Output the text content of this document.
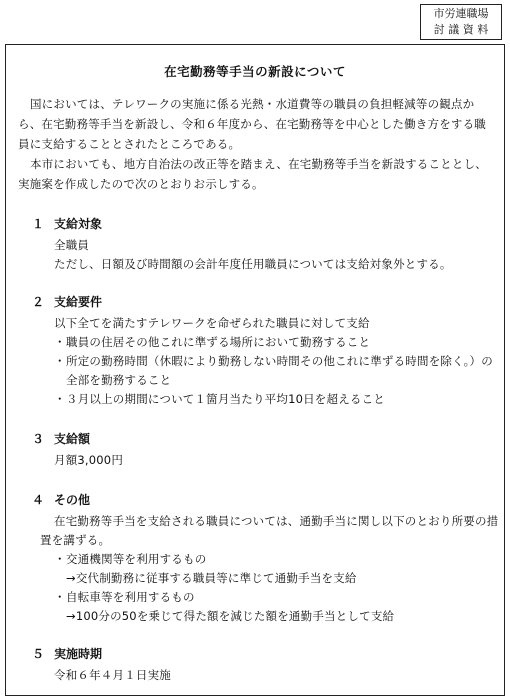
市労連職場
討 議 資 料
在宅勤務等手当の新設について

国においては、テレワークの実施に係る光熱・水道費等の職員の負担軽減等の観点から、在宅勤務等手当を新設し、令和６年度から、在宅勤務等を中心とした働き方をする職員に支給することとされたところである。

本市においても、地方自治法の改正等を踏まえ、在宅勤務等手当を新設することとし、実施案を作成したので次のとおりお示しする。

１ 支給対象

全職員

ただし、日額及び時間額の会計年度任用職員については支給対象外とする。

２ 支給要件

以下全てを満たすテレワークを命ぜられた職員に対して支給

・職員の住居その他これに準ずる場所において勤務すること

・所定の勤務時間（休暇により勤務しない時間その他これに準ずる時間を除く。）の

全部を勤務すること

・３月以上の期間について１箇月当たり平均10日を超えること

３ 支給額

月額3,000円

４ その他

在宅勤務等手当を支給される職員については、通勤手当に関し以下のとおり所要の措

置を講ずる。

・交通機関等を利用するもの

→交代制勤務に従事する職員等に準じて通勤手当を支給

・自転車等を利用するもの

→100分の50を乗じて得た額を減じた額を通勤手当として支給

５ 実施時期

令和６年４月１日実施
